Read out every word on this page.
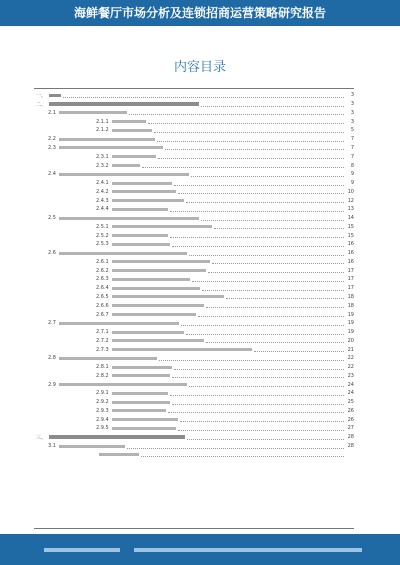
海鲜餐厅市场分析及连锁招商运营策略研究报告
内容目录
一、	3
二、	3
2.1	3
2.1.1	3
2.1.2	5
2.2	7
2.3	7
2.3.1	7
2.3.2	8
2.4	9
2.4.1	9
2.4.2	10
2.4.3	12
2.4.4	13
2.5	14
2.5.1	15
2.5.2	15
2.5.3	16
2.6	16
2.6.1	16
2.6.2	17
2.6.3	17
2.6.4	17
2.6.5	18
2.6.6	18
2.6.7	19
2.7	19
2.7.1	19
2.7.2	20
2.7.3	21
2.8	22
2.8.1	22
2.8.2	23
2.9	24
2.9.1	24
2.9.2	25
2.9.3	26
2.9.4	26
2.9.5	27
三、	28
3.1	28
